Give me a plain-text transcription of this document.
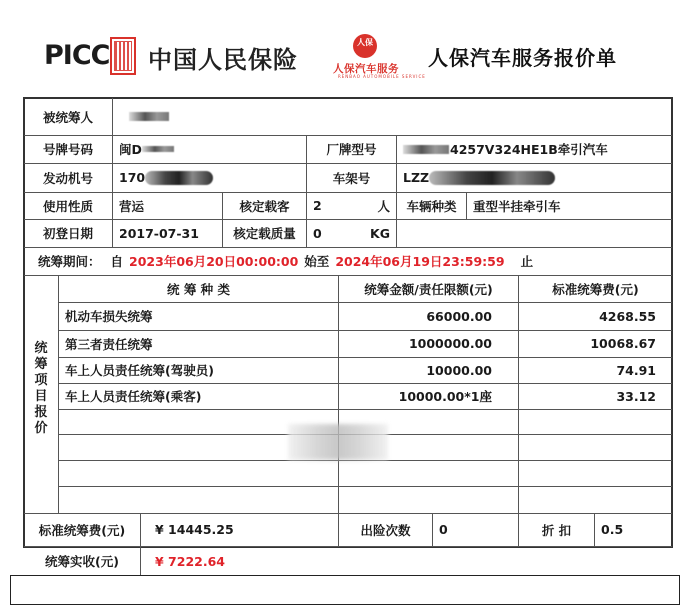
PICC 中国人民保险
人保
人保汽车服务
RENBAO AUTOMOBILE SERVICE
人保汽车服务报价单
被统筹人
号牌号码	闽D	厂牌型号	4257V324HE1B牵引汽车
发动机号	170	车架号	LZZ
使用性质	营运	核定载客	2	人	车辆种类	重型半挂牵引车
初登日期	2017-07-31	核定载质量	0	KG
统筹期间： 自 2023年06月20日00:00:00 始至 2024年06月19日23:59:59 止
统
筹
项
目
报
价
统 筹 种 类	统筹金额/责任限额(元)	标准统筹费(元)
机动车损失统筹	66000.00	4268.55
第三者责任统筹	1000000.00	10068.67
车上人员责任统筹(驾驶员)	10000.00	74.91
车上人员责任统筹(乘客)	10000.00*1座	33.12
标准统筹费(元)	¥ 14445.25	出险次数	0	折 扣	0.5
统筹实收(元)	¥ 7222.64
